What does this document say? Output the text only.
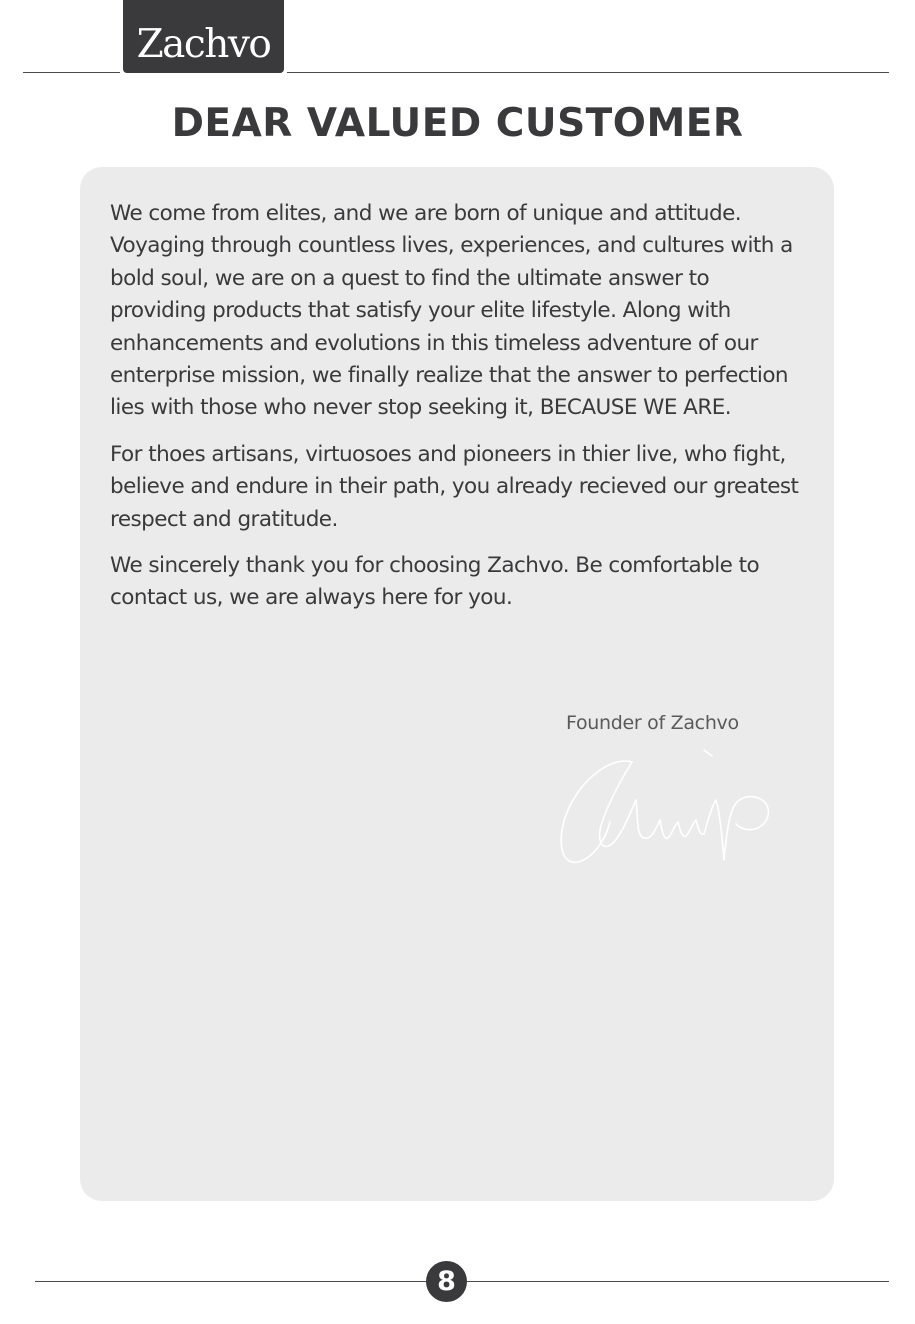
Zachvo
DEAR VALUED CUSTOMER

We come from elites, and we are born of unique and attitude. Voyaging through countless lives, experiences, and cultures with a bold soul, we are on a quest to find the ultimate answer to providing products that satisfy your elite lifestyle. Along with enhancements and evolutions in this timeless adventure of our enterprise mission, we finally realize that the answer to perfection lies with those who never stop seeking it, BECAUSE WE ARE.

For thoes artisans, virtuosoes and pioneers in thier live, who fight, believe and endure in their path, you already recieved our greatest respect and gratitude.

We sincerely thank you for choosing Zachvo. Be comfortable to contact us, we are always here for you.

Founder of Zachvo
8
